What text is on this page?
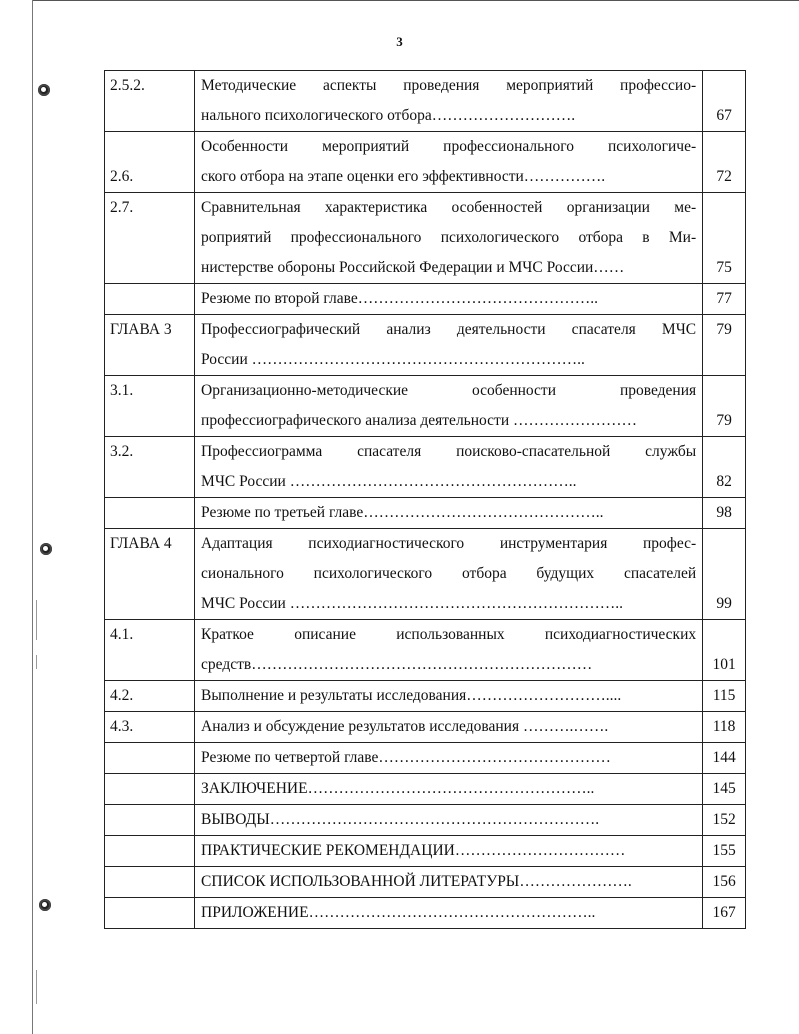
3
2.5.2.	Методические аспекты проведения мероприятий профессио-
нального психологического отбора……………………….	67
2.6.	Особенности мероприятий профессионального психологиче-
ского отбора на этапе оценки его эффективности…………….	72
2.7.	Сравнительная характеристика особенностей организации ме-
роприятий профессионального психологического отбора в Ми-
нистерстве обороны Российской Федерации и МЧС России……	75

	Резюме по второй главе………………………………………..	77
ГЛАВА 3	Профессиографический анализ деятельности спасателя МЧС
России ………………………………………………………..	79
3.1.	Организационно-методические особенности проведения
профессиографического анализа деятельности ……………………	79
3.2.	Профессиограмма спасателя поисково-спасательной службы
МЧС России ………………………………………………..	82

	Резюме по третьей главе………………………………………..	98
ГЛАВА 4	Адаптация психодиагностического инструментария профес-
сионального психологического отбора будущих спасателей
МЧС России ………………………………………………………..	99
4.1.	Краткое описание использованных психодиагностических
средств…………………………………………………………	101
4.2.	Выполнение и результаты исследования………………………....	115
4.3.	Анализ и обсуждение результатов исследования ……….…….	118

	Резюме по четвертой главе………………………………………	144

	ЗАКЛЮЧЕНИЕ………………………………………………..	145

	ВЫВОДЫ……………………………………………………….	152

	ПРАКТИЧЕСКИЕ РЕКОМЕНДАЦИИ……………………………	155

	СПИСОК ИСПОЛЬЗОВАННОЙ ЛИТЕРАТУРЫ………………….	156

	ПРИЛОЖЕНИЕ………………………………………………..	167
